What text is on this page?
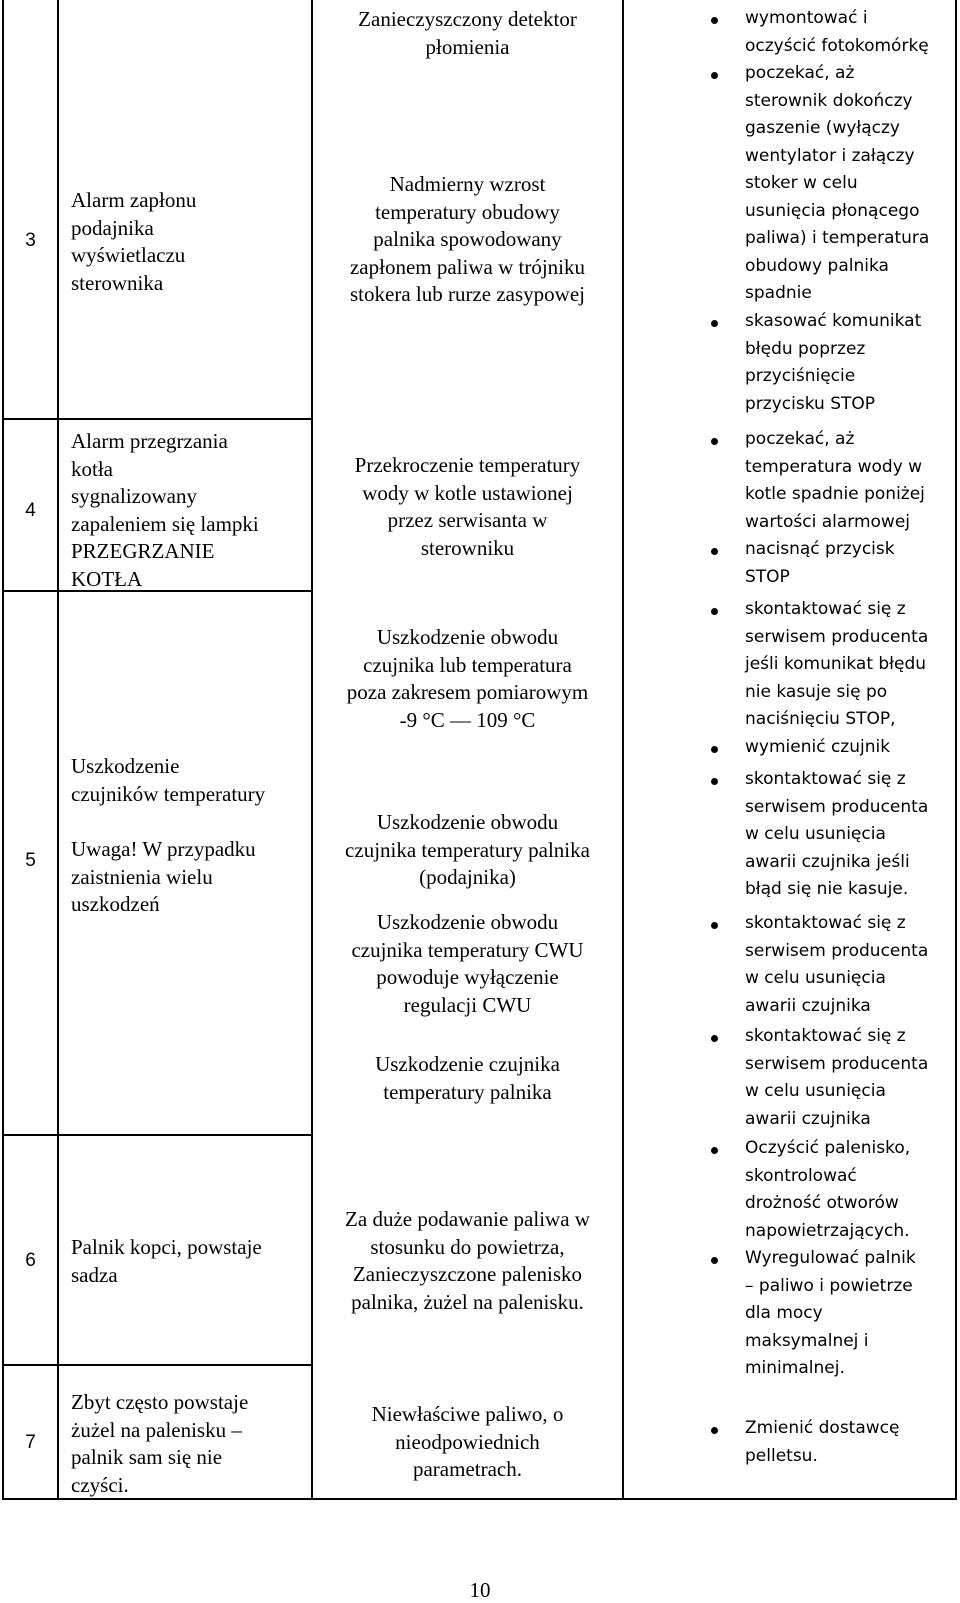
3
4
5
6
7
Alarm zapłonu
podajnika
wyświetlaczu
sterownika
Alarm przegrzania
kotła
sygnalizowany
zapaleniem się lampki
PRZEGRZANIE
KOTŁA
Uszkodzenie
czujników temperatury
Uwaga! W przypadku
zaistnienia wielu
uszkodzeń
Palnik kopci, powstaje
sadza
Zbyt często powstaje
żużel na palenisku –
palnik sam się nie
czyści.
Zanieczyszczony detektor
płomienia
Nadmierny wzrost
temperatury obudowy
palnika spowodowany
zapłonem paliwa w trójniku
stokera lub rurze zasypowej
Przekroczenie temperatury
wody w kotle ustawionej
przez serwisanta w
sterowniku
Uszkodzenie obwodu
czujnika lub temperatura
poza zakresem pomiarowym
-9 °C — 109 °C
Uszkodzenie obwodu
czujnika temperatury palnika
(podajnika)
Uszkodzenie obwodu
czujnika temperatury CWU
powoduje wyłączenie
regulacji CWU
Uszkodzenie czujnika
temperatury palnika
Za duże podawanie paliwa w
stosunku do powietrza,
Zanieczyszczone palenisko
palnika, żużel na palenisku.
Niewłaściwe paliwo, o
nieodpowiednich
parametrach.
wymontować i
oczyścić fotokomórkę
poczekać, aż
sterownik dokończy
gaszenie (wyłączy
wentylator i załączy
stoker w celu
usunięcia płonącego
paliwa) i temperatura
obudowy palnika
spadnie
skasować komunikat
błędu poprzez
przyciśnięcie
przycisku STOP
poczekać, aż
temperatura wody w
kotle spadnie poniżej
wartości alarmowej
nacisnąć przycisk
STOP
skontaktować się z
serwisem producenta
jeśli komunikat błędu
nie kasuje się po
naciśnięciu STOP,
wymienić czujnik
skontaktować się z
serwisem producenta
w celu usunięcia
awarii czujnika jeśli
błąd się nie kasuje.
skontaktować się z
serwisem producenta
w celu usunięcia
awarii czujnika
skontaktować się z
serwisem producenta
w celu usunięcia
awarii czujnika
Oczyścić palenisko,
skontrolować
drożność otworów
napowietrzających.
Wyregulować palnik
– paliwo i powietrze
dla mocy
maksymalnej i
minimalnej.
Zmienić dostawcę
pelletsu.
10
